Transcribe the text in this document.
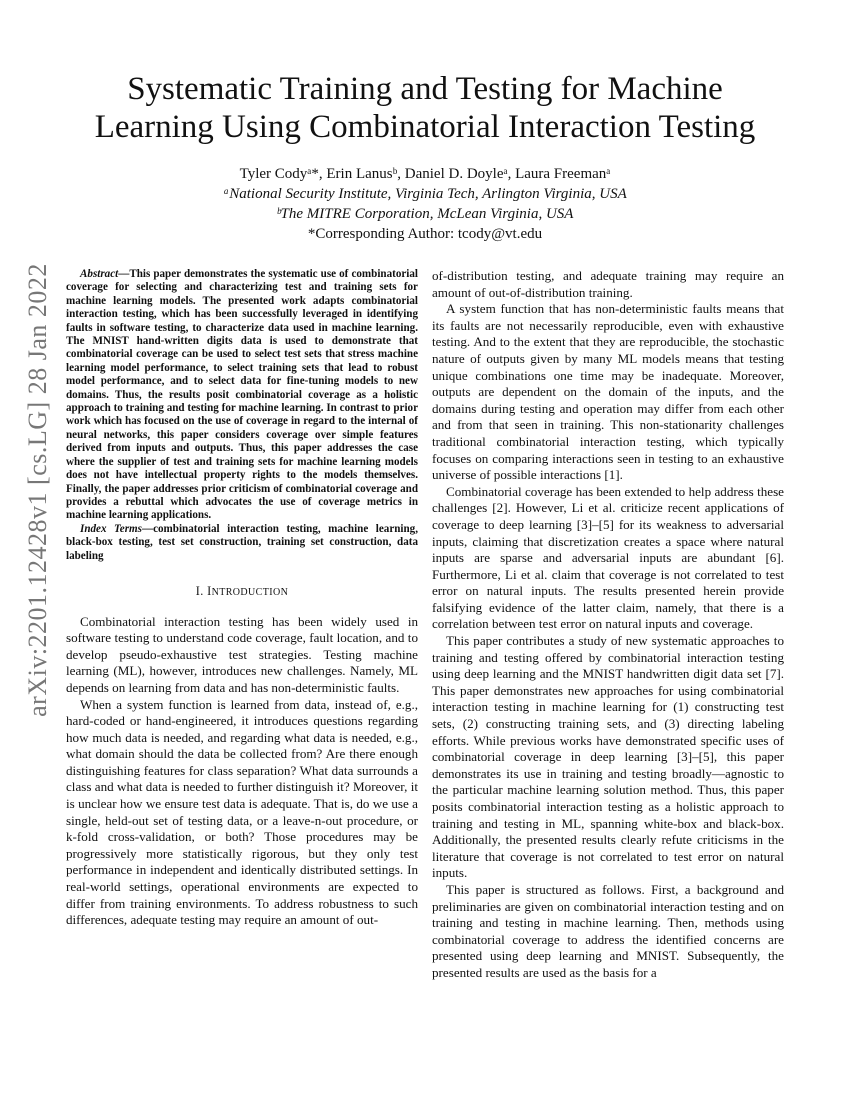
arXiv:2201.12428v1 [cs.LG] 28 Jan 2022
Systematic Training and Testing for Machine
Learning Using Combinatorial Interaction Testing
Tyler Codyᵃ*, Erin Lanusᵇ, Daniel D. Doyleᵃ, Laura Freemanᵃ
ᵃNational Security Institute, Virginia Tech, Arlington Virginia, USA
ᵇThe MITRE Corporation, McLean Virginia, USA
*Corresponding Author: tcody@vt.edu

Abstract—This paper demonstrates the systematic use of combinatorial coverage for selecting and characterizing test and training sets for machine learning models. The presented work adapts combinatorial interaction testing, which has been successfully leveraged in identifying faults in software testing, to characterize data used in machine learning. The MNIST hand-written digits data is used to demonstrate that combinatorial coverage can be used to select test sets that stress machine learning model performance, to select training sets that lead to robust model performance, and to select data for fine-tuning models to new domains. Thus, the results posit combinatorial coverage as a holistic approach to training and testing for machine learning. In contrast to prior work which has focused on the use of coverage in regard to the internal of neural networks, this paper considers coverage over simple features derived from inputs and outputs. Thus, this paper addresses the case where the supplier of test and training sets for machine learning models does not have intellectual property rights to the models themselves. Finally, the paper addresses prior criticism of combinatorial coverage and provides a rebuttal which advocates the use of coverage metrics in machine learning applications.

Index Terms—combinatorial interaction testing, machine learning, black-box testing, test set construction, training set construction, data labeling

I. INTRODUCTION

Combinatorial interaction testing has been widely used in software testing to understand code coverage, fault location, and to develop pseudo-exhaustive test strategies. Testing machine learning (ML), however, introduces new challenges. Namely, ML depends on learning from data and has non-deterministic faults.

When a system function is learned from data, instead of, e.g., hard-coded or hand-engineered, it introduces questions regarding how much data is needed, and regarding what data is needed, e.g., what domain should the data be collected from? Are there enough distinguishing features for class separation? What data surrounds a class and what data is needed to further distinguish it? Moreover, it is unclear how we ensure test data is adequate. That is, do we use a single, held-out set of testing data, or a leave-n-out procedure, or k-fold cross-validation, or both? Those procedures may be progressively more statistically rigorous, but they only test performance in independent and identically distributed settings. In real-world settings, operational environments are expected to differ from training environments. To address robustness to such differences, adequate testing may require an amount of out-

of-distribution testing, and adequate training may require an amount of out-of-distribution training.

A system function that has non-deterministic faults means that its faults are not necessarily reproducible, even with exhaustive testing. And to the extent that they are reproducible, the stochastic nature of outputs given by many ML models means that testing unique combinations one time may be inadequate. Moreover, outputs are dependent on the domain of the inputs, and the domains during testing and operation may differ from each other and from that seen in training. This non-stationarity challenges traditional combinatorial interaction testing, which typically focuses on comparing interactions seen in testing to an exhaustive universe of possible interactions [1].

Combinatorial coverage has been extended to help address these challenges [2]. However, Li et al. criticize recent applications of coverage to deep learning [3]–[5] for its weakness to adversarial inputs, claiming that discretization creates a space where natural inputs are sparse and adversarial inputs are abundant [6]. Furthermore, Li et al. claim that coverage is not correlated to test error on natural inputs. The results presented herein provide falsifying evidence of the latter claim, namely, that there is a correlation between test error on natural inputs and coverage.

This paper contributes a study of new systematic approaches to training and testing offered by combinatorial interaction testing using deep learning and the MNIST handwritten digit data set [7]. This paper demonstrates new approaches for using combinatorial interaction testing in machine learning for (1) constructing test sets, (2) constructing training sets, and (3) directing labeling efforts. While previous works have demonstrated specific uses of combinatorial coverage in deep learning [3]–[5], this paper demonstrates its use in training and testing broadly—agnostic to the particular machine learning solution method. Thus, this paper posits combinatorial interaction testing as a holistic approach to training and testing in ML, spanning white-box and black-box. Additionally, the presented results clearly refute criticisms in the literature that coverage is not correlated to test error on natural inputs.

This paper is structured as follows. First, a background and preliminaries are given on combinatorial interaction testing and on training and testing in machine learning. Then, methods using combinatorial coverage to address the identified concerns are presented using deep learning and MNIST. Subsequently, the presented results are used as the basis for a
